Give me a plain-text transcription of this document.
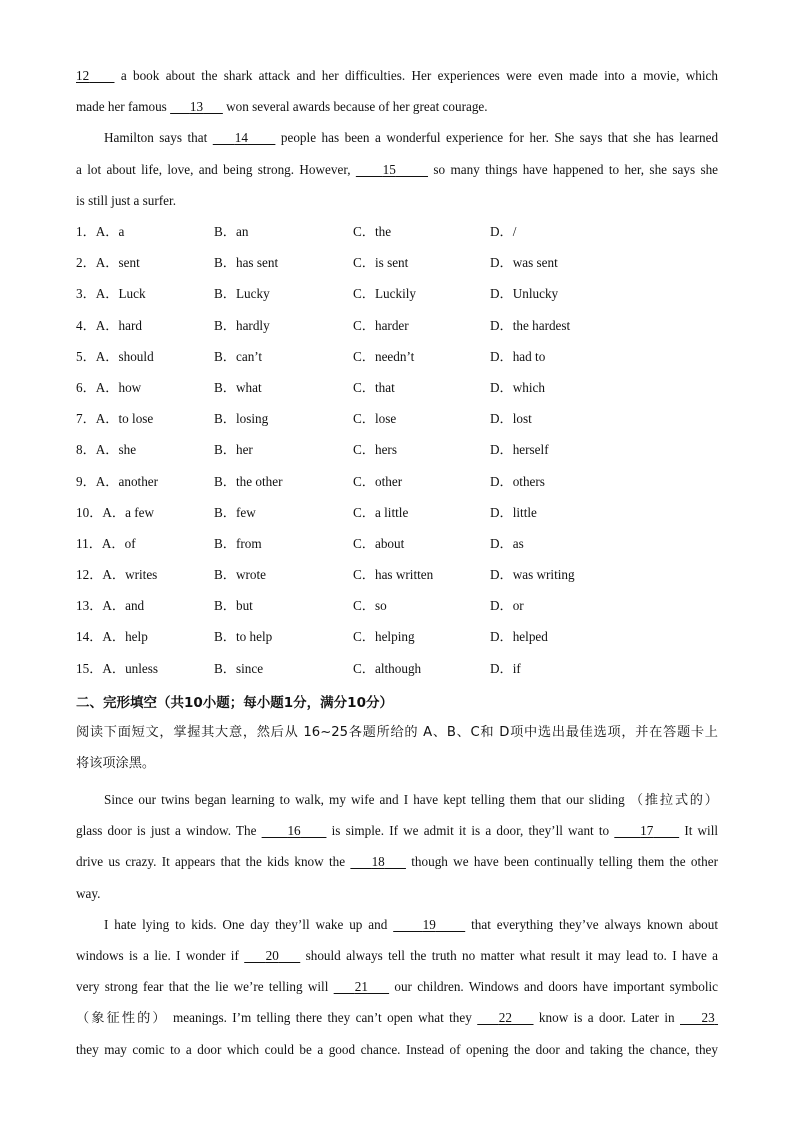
12 a book about the shark attack and her difficulties. Her experiences were even made into a movie, which
made her famous 13 won several awards because of her great courage.
Hamilton says that 14 people has been a wonderful experience for her. She says that she has learned
a lot about life, love, and being strong. However, 15	so many things have happened to her, she says she
is still just a surfer.
1．A．a	B．an	C．the	D．/
2．A．sent	B．has sent	C．is sent	D．was sent
3．A．Luck	B．Lucky	C．Luckily	D．Unlucky
4．A．hard	B．hardly	C．harder	D．the hardest
5．A．should	B．can’t	C．needn’t	D．had to
6．A．how	B．what	C．that	D．which
7．A．to lose	B．losing	C．lose	D．lost
8．A．she	B．her	C．hers	D．herself
9．A．another	B．the other	C．other	D．others
10．A．a few	B．few	C．a little	D．little
11．A．of	B．from	C．about	D．as
12．A．writes	B．wrote	C．has written	D．was writing
13．A．and	B．but	C．so	D．or
14．A．help	B．to help	C．helping	D．helped
15．A．unless	B．since	C．although	D．if
二、完形填空（共10小题；每小题1分，满分10分）
阅读下面短文，掌握其大意，然后从 16~25各题所给的 A、B、C和 D项中选出最佳选项，并在答题卡上
将该项涂黑。
Since our twins began learning to walk, my wife and I have kept telling them that our sliding （推拉式的）
glass door is just a window. The 16 is simple. If we admit it is a door, they’ll want to 17 It will
drive us crazy. It appears that the kids know the 18 though we have been continually telling them the other
way.
I hate lying to kids. One day they’ll wake up and	19	that everything they’ve always known about
windows is a lie. I wonder if 20 should always tell the truth no matter what result it may lead to. I have a
very strong fear that the lie we’re telling will 21 our children. Windows and doors have important symbolic
（象征性的） meanings. I’m telling there they can’t open what they 22 know is a door. Later in 23
they may comic to a door which could be a good chance. Instead of opening the door and taking the chance, they
